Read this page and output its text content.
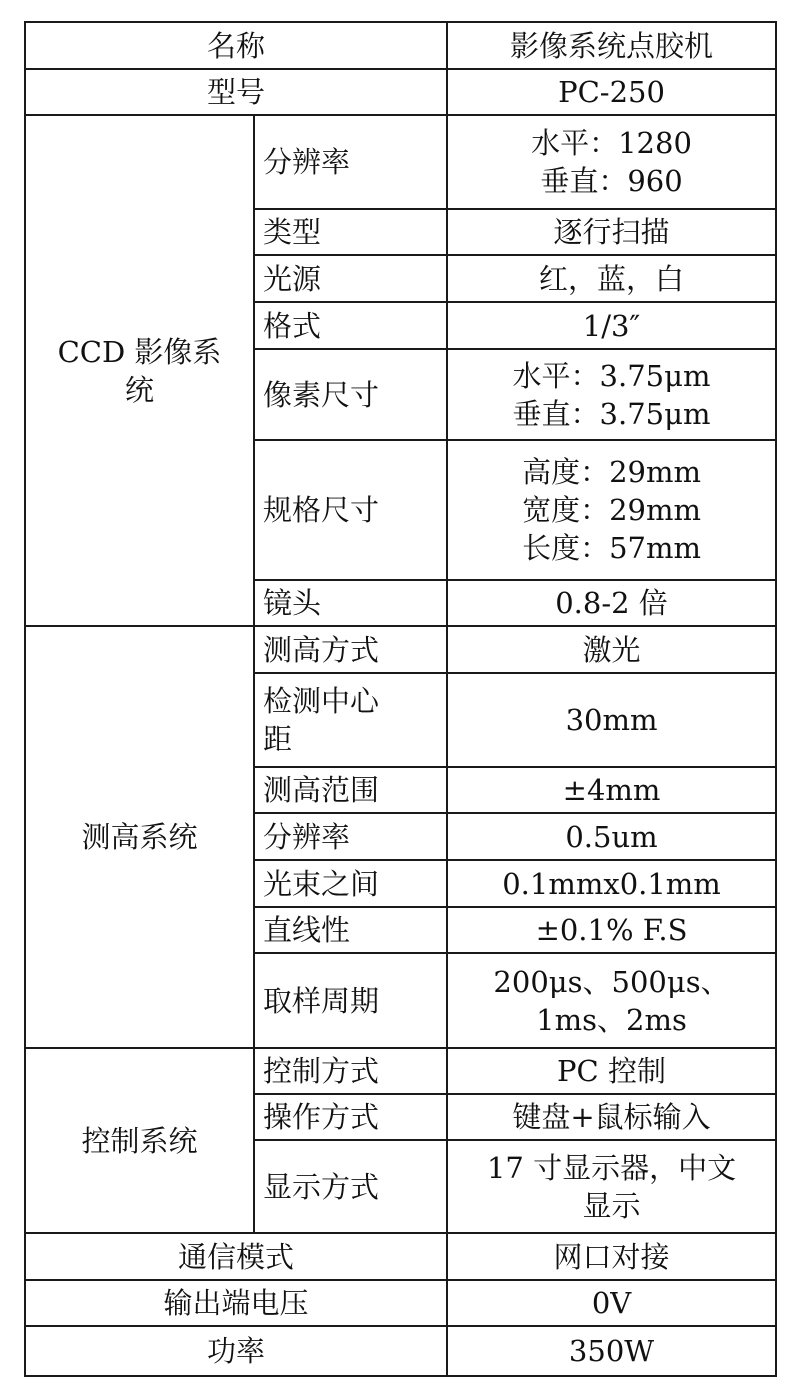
名称		影像系统点胶机
型号		PC-250
CCD 影像系
统	分辨率	水平：1280
垂直：960
	类型	逐行扫描
	光源	红，蓝，白
	格式	1/3″
	像素尺寸	水平：3.75μm
垂直：3.75μm
	规格尺寸	高度：29mm
宽度：29mm
长度：57mm
	镜头	0.8-2 倍
测高系统	测高方式	激光
	检测中心
距	30mm
	测高范围	±4mm
	分辨率	0.5um
	光束之间	0.1mmx0.1mm
	直线性	±0.1% F.S
	取样周期	200μs、500μs、
1ms、2ms
控制系统	控制方式	PC 控制
	操作方式	键盘+鼠标输入
	显示方式	17 寸显示器，中文
显示
通信模式		网口对接
输出端电压		0V
功率		350W
